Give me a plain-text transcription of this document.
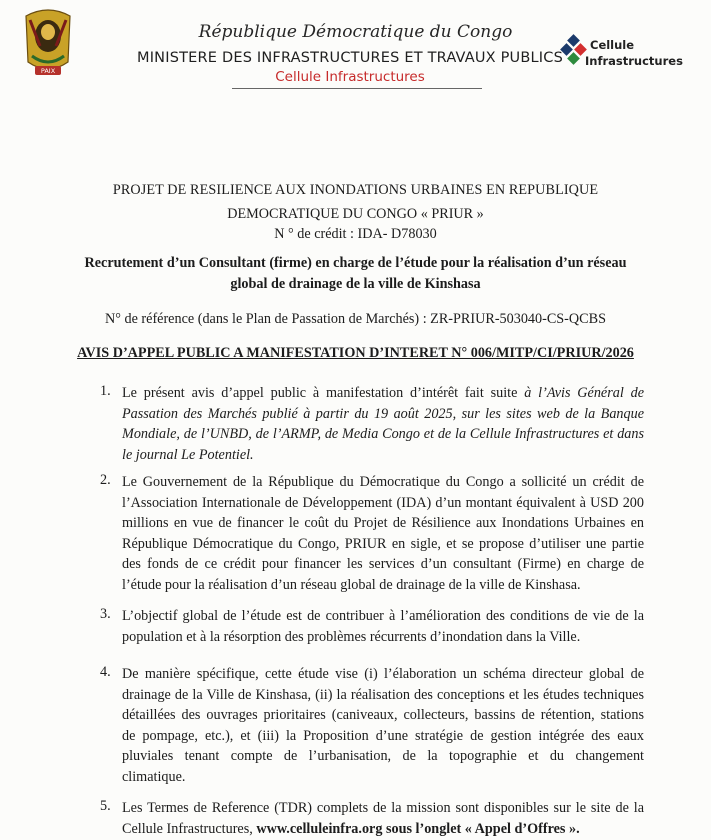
PAIX
République Démocratique du Congo
MINISTERE DES INFRASTRUCTURES ET TRAVAUX PUBLICS
Cellule Infrastructures
Cellule
Infrastructures
PROJET DE RESILIENCE AUX INONDATIONS URBAINES EN REPUBLIQUE
DEMOCRATIQUE DU CONGO « PRIUR »
N ° de crédit : IDA- D78030
Recrutement d’un Consultant (firme) en charge de l’étude pour la réalisation d’un réseau
global de drainage de la ville de Kinshasa
N° de référence (dans le Plan de Passation de Marchés) : ZR-PRIUR-503040-CS-QCBS
AVIS D’APPEL PUBLIC A MANIFESTATION D’INTERET N° 006/MITP/CI/PRIUR/2026
1. Le présent avis d’appel public à manifestation d’intérêt fait suite à l’Avis Général de
Passation des Marchés publié à partir du 19 août 2025, sur les sites web de la Banque
Mondiale, de l’UNBD, de l’ARMP, de Media Congo et de la Cellule Infrastructures et dans
le journal Le Potentiel.
2. Le Gouvernement de la République du Démocratique du Congo a sollicité un crédit de
l’Association Internationale de Développement (IDA) d’un montant équivalent à USD 200
millions en vue de financer le coût du Projet de Résilience aux Inondations Urbaines en
République Démocratique du Congo, PRIUR en sigle, et se propose d’utiliser une partie
des fonds de ce crédit pour financer les services d’un consultant (Firme) en charge de
l’étude pour la réalisation d’un réseau global de drainage de la ville de Kinshasa.
3. L’objectif global de l’étude est de contribuer à l’amélioration des conditions de vie de la
population et à la résorption des problèmes récurrents d’inondation dans la Ville.
4. De manière spécifique, cette étude vise (i) l’élaboration un schéma directeur global de
drainage de la Ville de Kinshasa, (ii) la réalisation des conceptions et les études techniques
détaillées des ouvrages prioritaires (caniveaux, collecteurs, bassins de rétention, stations
de pompage, etc.), et (iii) la Proposition d’une stratégie de gestion intégrée des eaux
pluviales tenant compte de l’urbanisation, de la topographie et du changement
climatique.
5. Les Termes de Reference (TDR) complets de la mission sont disponibles sur le site de la
Cellule Infrastructures, www.celluleinfra.org sous l’onglet « Appel d’Offres ».
